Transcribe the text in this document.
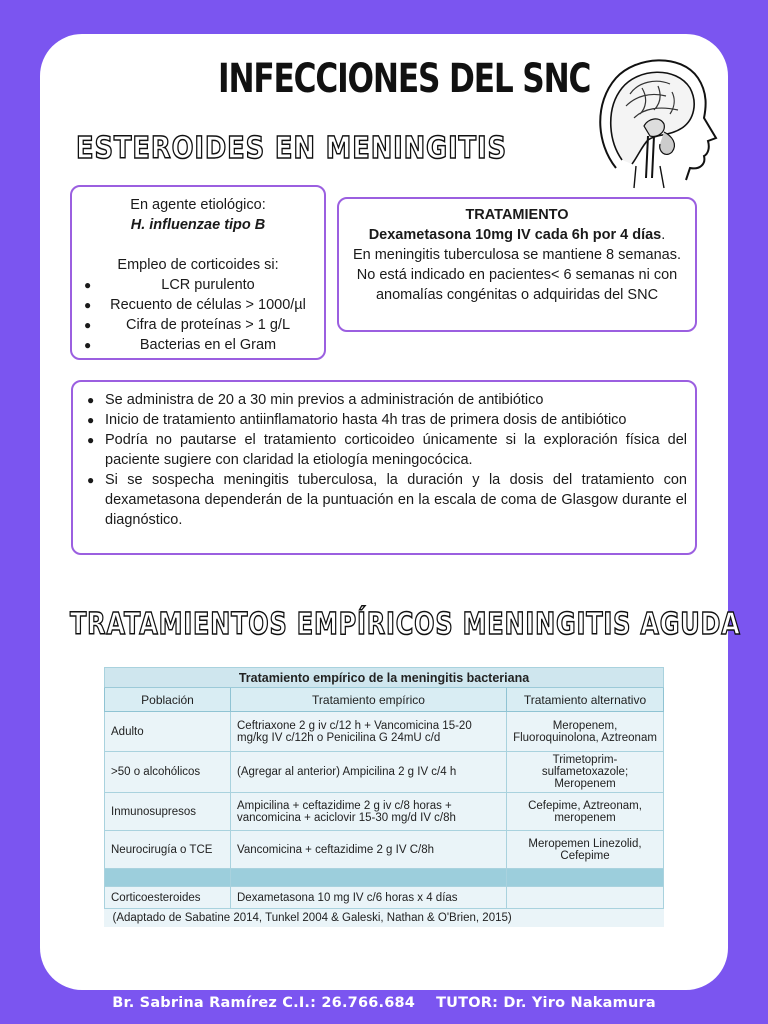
INFECCIONES DEL SNC
ESTEROIDES EN MENINGITIS
En agente etiológico:
H. influenzae tipo B
Empleo de corticoides si:
●	LCR purulento
●	Recuento de células > 1000/µl
●	Cifra de proteínas > 1 g/L
●	Bacterias en el Gram
TRATAMIENTO
Dexametasona 10mg IV cada 6h por 4 días.
En meningitis tuberculosa se mantiene 8 semanas. No está indicado en pacientes< 6 semanas ni con anomalías congénitas o adquiridas del SNC
● Se administra de 20 a 30 min previos a administración de antibiótico
● Inicio de tratamiento antiinflamatorio hasta 4h tras de primera dosis de antibiótico
● Podría no pautarse el tratamiento corticoideo únicamente si la exploración física del paciente sugiere con claridad la etiología meningocócica.
● Si se sospecha meningitis tuberculosa, la duración y la dosis del tratamiento con dexametasona dependerán de la puntuación en la escala de coma de Glasgow durante el diagnóstico.
TRATAMIENTOS EMPÍRICOS MENINGITIS AGUDA
Tratamiento empírico de la meningitis bacteriana		
Población	Tratamiento empírico	Tratamiento alternativo
Adulto	Ceftriaxone 2 g iv c/12 h + Vancomicina 15-20 mg/kg IV c/12h o Penicilina G 24mU c/d	Meropenem, Fluoroquinolona, Aztreonam
>50 o alcohólicos	(Agregar al anterior) Ampicilina 2 g IV c/4 h	Trimetoprim-sulfametoxazole; Meropenem
Inmunosupresos	Ampicilina + ceftazidime 2 g iv c/8 horas + vancomicina + aciclovir 15-30 mg/d IV c/8h	Cefepime, Aztreonam, meropenem
Neurocirugía o TCE	Vancomicina + ceftazidime 2 g IV C/8h	Meropemen Linezolid, Cefepime

Corticoesteroides	Dexametasona 10 mg IV c/6 horas x 4 días	
(Adaptado de Sabatine 2014, Tunkel 2004 & Galeski, Nathan & O'Brien, 2015)		
Br. Sabrina Ramírez C.I.: 26.766.684    TUTOR: Dr. Yiro Nakamura
